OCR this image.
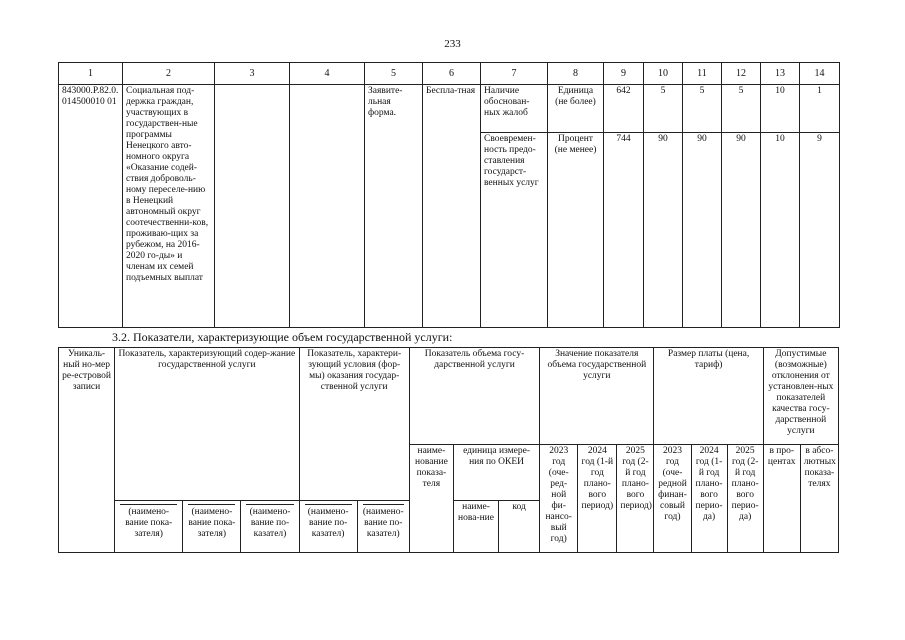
233
1	2	3	4	5	6	7	8	9	10	11	12	13	14
843000.Р.82.0.014500010 01	Социальная под-держка граждан, участвующих в государствен-ные программы Ненецкого авто-номного округа «Оказание содей-ствия доброволь-ному переселе-нию в Ненецкий автономный округ соотечественни-ков, проживаю-щих за рубежом, на 2016-2020 го-ды» и членам их семей подъемных выплат			Заявите-льная форма.	Беспла-тная	Наличие обоснован-ных жалоб	Единица (не более)	642	5	5	5	10	1
						Своевремен-ность предо-ставления государст-венных услуг	Процент (не менее)	744	90	90	90	10	9
3.2. Показатели, характеризующие объем государственной услуги:
Уникаль-ный но-мер ре-естровой записи	Показатель, характеризующий содер-жание государственной услуги			Показатель, характери-зующий условия (фор-мы) оказания государ-ственной услуги		Показатель объема госу-дарственной услуги			Значение показателя объема государственной услуги			Размер платы (цена, тариф)			Допустимые (возможные) отклонения от установлен-ных показателей качества госу-дарственной услуги	
						наиме-нование показа-теля	единица измере-ния по ОКЕИ		2023 год (оче-ред-ной фи-нансо-вый год)	2024 год (1-й год плано-вого период)	2025 год (2-й год плано-вого период)	2023 год (оче-редной финан-совый год)	2024 год (1-й год плано-вого перио-да)	2025 год (2-й год плано-вого перио-да)	в про-центах	в абсо-лютных показа-телях

(наимено-вание пока-зателя)	(наимено-вание пока-зателя)	(наимено-вание по-казател)	(наимено-вание по-казател)	(наимено-вание по-казател)		наиме-нова-ние	код								
